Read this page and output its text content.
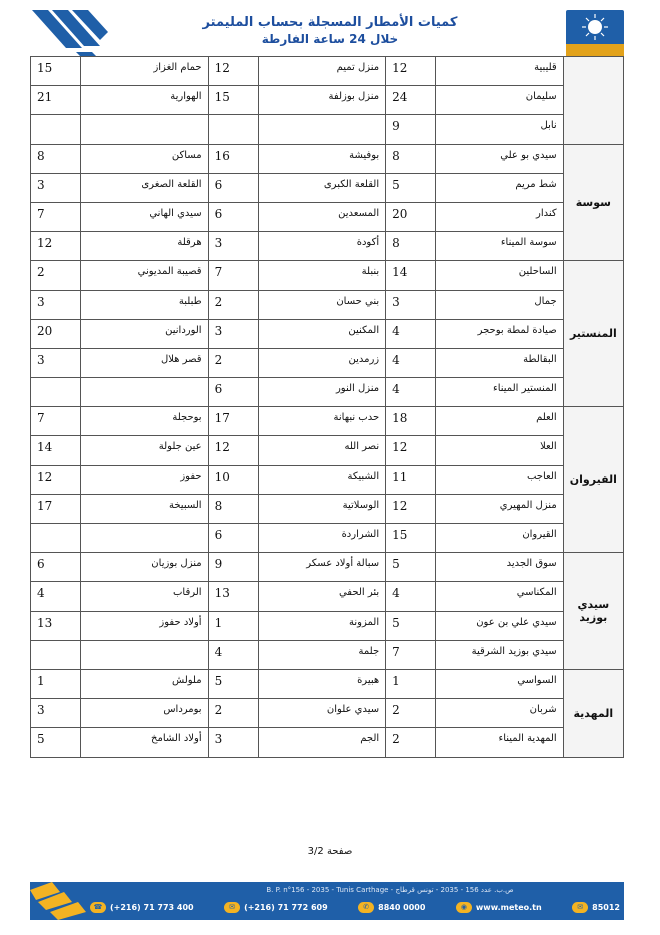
كميات الأمطار المسجلة بحساب المليمتر
خلال 24 ساعة الفارطة
	قليبية	12	منزل تميم	12	حمام الغزاز	15
	سليمان	24	منزل بوزلفة	15	الهوارية	21
	نابل	9				
سوسة	سيدي بو علي	8	بوفيشة	16	مساكن	8
	شط مريم	5	القلعة الكبرى	6	القلعة الصغرى	3
	كندار	20	المسعدين	6	سيدي الهاني	7
	سوسة الميناء	8	أكودة	3	هرقلة	12
المنستير	الساحلين	14	بنبلة	7	قصيبة المديوني	2
	جمال	3	بني حسان	2	طبلبة	3
	صيادة لمطة بوحجر	4	المكنين	3	الوردانين	20
	البقالطة	4	زرمدين	2	قصر هلال	3
	المنستير الميناء	4	منزل النور	6		
القيروان	العلم	18	حدب نبهانة	17	بوحجلة	7
	العلا	12	نصر الله	12	عين جلولة	14
	العاجب	11	الشبيكة	10	حفوز	12
	منزل المهيري	12	الوسلاتية	8	السبيخة	17
	القيروان	15	الشراردة	6		
سيدي بوزيد	سوق الجديد	5	سبالة أولاد عسكر	9	منزل بوزيان	6
	المكناسي	4	بئر الحفي	13	الرقاب	4
	سيدي علي بن عون	5	المزونة	1	أولاد حفوز	13
	سيدي بوزيد الشرقية	7	جلمة	4		
المهدية	السواسي	1	هبيرة	5	ملولش	1
	شربان	2	سيدي علوان	2	بومرداس	3
	المهدية الميناء	2	الجم	3	أولاد الشامخ	5
صفحة 3/2
B. P. n°156 - 2035 - Tunis Carthage - ص.ب. عدد 156 - 2035 - تونس قرطاج
☎ (+216) 71 773 400	✉	(+216) 71 772 609	✆	8840 0000	◉	www.meteo.tn	✉	85012
